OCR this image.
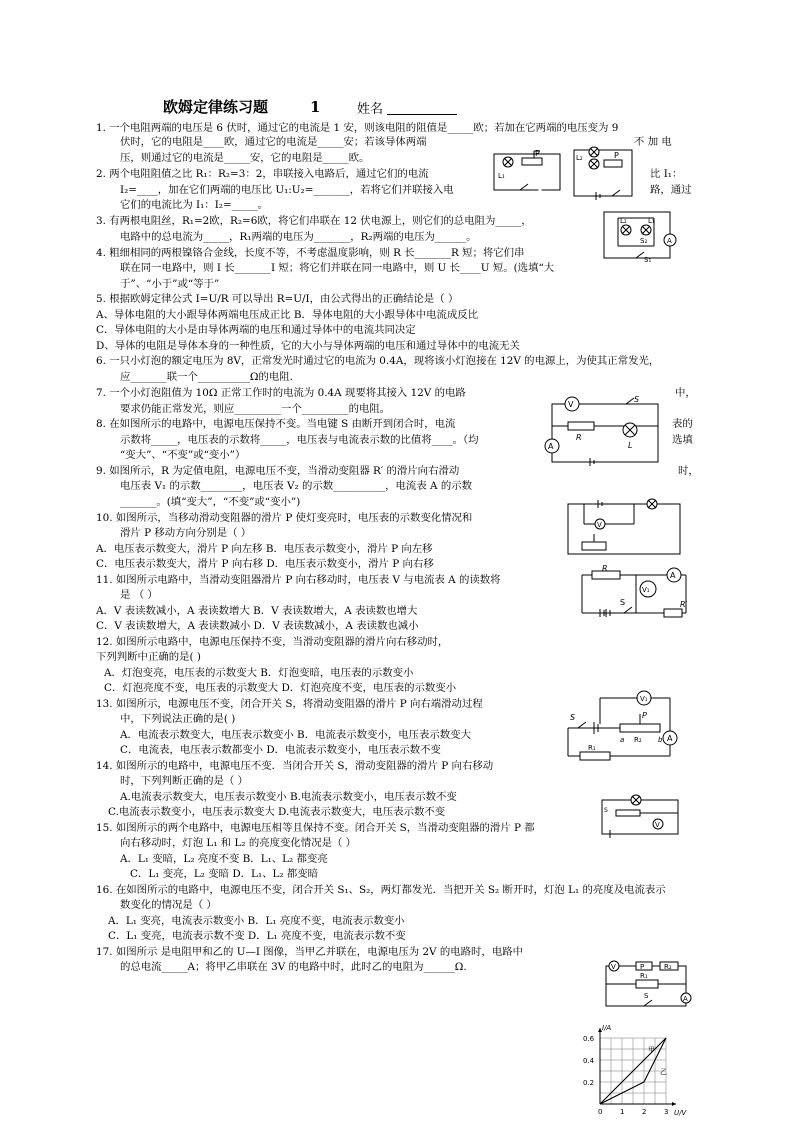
欧姆定律练习题	1	姓名
1. 一个电阻两端的电压是 6 伏时，通过它的电流是 1 安，则该电阻的阻值是_____欧；若加在它两端的电压变为 9
伏时，它的电阻是____欧，通过它的电流是_____安；若该导体两端	不 加 电
压，则通过它的电流是_____安，它的电阻是_____欧。
2. 两个电阻阻值之比 R₁：R₂=3：2，串联接入电路后，通过它们的电流	比 I₁：
I₂=____，加在它们两端的电压比 U₁:U₂=_______，若将它们并联接入电	路，通过
它们的电流比为 I₁：I₂=_____。
3. 有两根电阻丝，R₁=2欧，R₂=6欧，将它们串联在 12 伏电源上，则它们的总电阻为_____，
电路中的总电流为_____，R₁两端的电压为_______，R₂两端的电压为______。
4. 粗细相同的两根镍铬合金线，长度不等，不考虑温度影响，则 R 长_______R 短；将它们串
联在同一电路中，则 I 长_______I 短；将它们并联在同一电路中，则 U 长____U 短。(选填“大
于”、“小于”或“等于”
5. 根据欧姆定律公式 I=U/R 可以导出 R=U/I，由公式得出的正确结论是（ ）
A、导体电阻的大小跟导体两端电压成正比 B．导体电阻的大小跟导体中电流成反比
C．导体电阻的大小是由导体两端的电压和通过导体中的电流共同决定
D、导体的电阻是导体本身的一种性质，它的大小与导体两端的电压和通过导体中的电流无关
6. 一只小灯泡的额定电压为 8V，正常发光时通过它的电流为 0.4A，现将该小灯泡接在 12V 的电源上，为使其正常发光，
应_______联一个__________Ω的电阻.
7. 一个小灯泡阻值为 10Ω 正常工作时的电流为 0.4A 现要将其接入 12V 的电路	中，
要求仍能正常发光，则应_________一个_________的电阻。
8. 在如图所示的电路中，电源电压保持不变。当电键 S 由断开到闭合时，电流	表的
示数将_____，电压表的示数将_____，电压表与电流表示数的比值将____。（均	选填
“变大”、“不变”或“变小”）
9. 如图所示，R 为定值电阻，电源电压不变，当滑动变阻器 R′ 的滑片向右滑动	时，
电压表 V₁ 的示数________，电压表 V₂ 的示数__________，电流表 A 的示数
_______。(填“变大”，“不变”或“变小”)
10. 如图所示，当移动滑动变阻器的滑片 P 使灯变亮时，电压表的示数变化情况和
滑片 P 移动方向分别是（ ）
A．电压表示数变大，滑片 P 向左移 B．电压表示数变小，滑片 P 向左移
C．电压表示数变大，滑片 P 向右移 D．电压表示数变小，滑片 P 向右移
11. 如图所示电路中，当滑动变阻器滑片 P 向右移动时，电压表 V 与电流表 A 的读数将
是 （ ）
A．V 表读数减小，A 表读数增大 B．V 表读数增大，A 表读数也增大
C．V 表读数增大，A 表读数减小 D．V 表读数减小，A 表读数也减小
12. 如图所示电路中，电源电压保持不变，当滑动变阻器的滑片向右移动时，
下列判断中正确的是( )
A．灯泡变亮，电压表的示数变大 B．灯泡变暗，电压表的示数变小
C．灯泡亮度不变，电压表的示数变大 D．灯泡亮度不变，电压表的示数变小
13. 如图所示，电源电压不变，闭合开关 S，将滑动变阻器的滑片 P 向右端滑动过程
中，下列说法正确的是( )
A．电流表示数变大，电压表示数变小 B．电流表示数变小，电压表示数变大
C．电流表，电压表示数都变小 D．电流表示数变小，电压表示数不变
14. 如图所示的电路中，电源电压不变．当闭合开关 S，滑动变阻器的滑片 P 向右移动
时，下列判断正确的是（ ）
A.电流表示数变大，电压表示数变小 B.电流表示数变小，电压表示数不变
C.电流表示数变小，电压表示数变大 D.电流表示数变大，电压表示数不变
15. 如图所示的两个电路中，电源电压相等且保持不变。闭合开关 S，当滑动变阻器的滑片 P 都
向右移动时，灯泡 L₁ 和 L₂ 的亮度变化情况是（ ）
A．L₁ 变暗，L₂ 亮度不变 B．L₁、L₂ 都变亮
C．L₁ 变亮，L₂ 变暗 D．L₁、L₂ 都变暗
16. 在如图所示的电路中，电源电压不变，闭合开关 S₁、S₂，两灯都发光．当把开关 S₂ 断开时，灯泡 L₁ 的亮度及电流表示
数变化的情况是（ ）
A．L₁ 变亮，电流表示数变小 B．L₁ 亮度不变，电流表示数变小
C．L₁ 变亮，电流表示数不变 D．L₁ 亮度不变，电流表示数不变
17. 如图所示 是电阻甲和乙的 U—I 图像，当甲乙并联在，电源电压为 2V 的电路时，电路中
的总电流_____A；将甲乙串联在 3V 的电路中时，此时乙的电阻为______Ω.
P
L₁
L₂	P
L₂	L₁
S₂
S₁
A
V
S
R
L
A
V
R
V₁
A
S	R′
V₁
P
R₂
a	b A
S
R₁
S
V
V	P	R₂
R₁
S	A
0	1	2	3
0.2
0.4
0.6
U/V
I/A
甲
乙
